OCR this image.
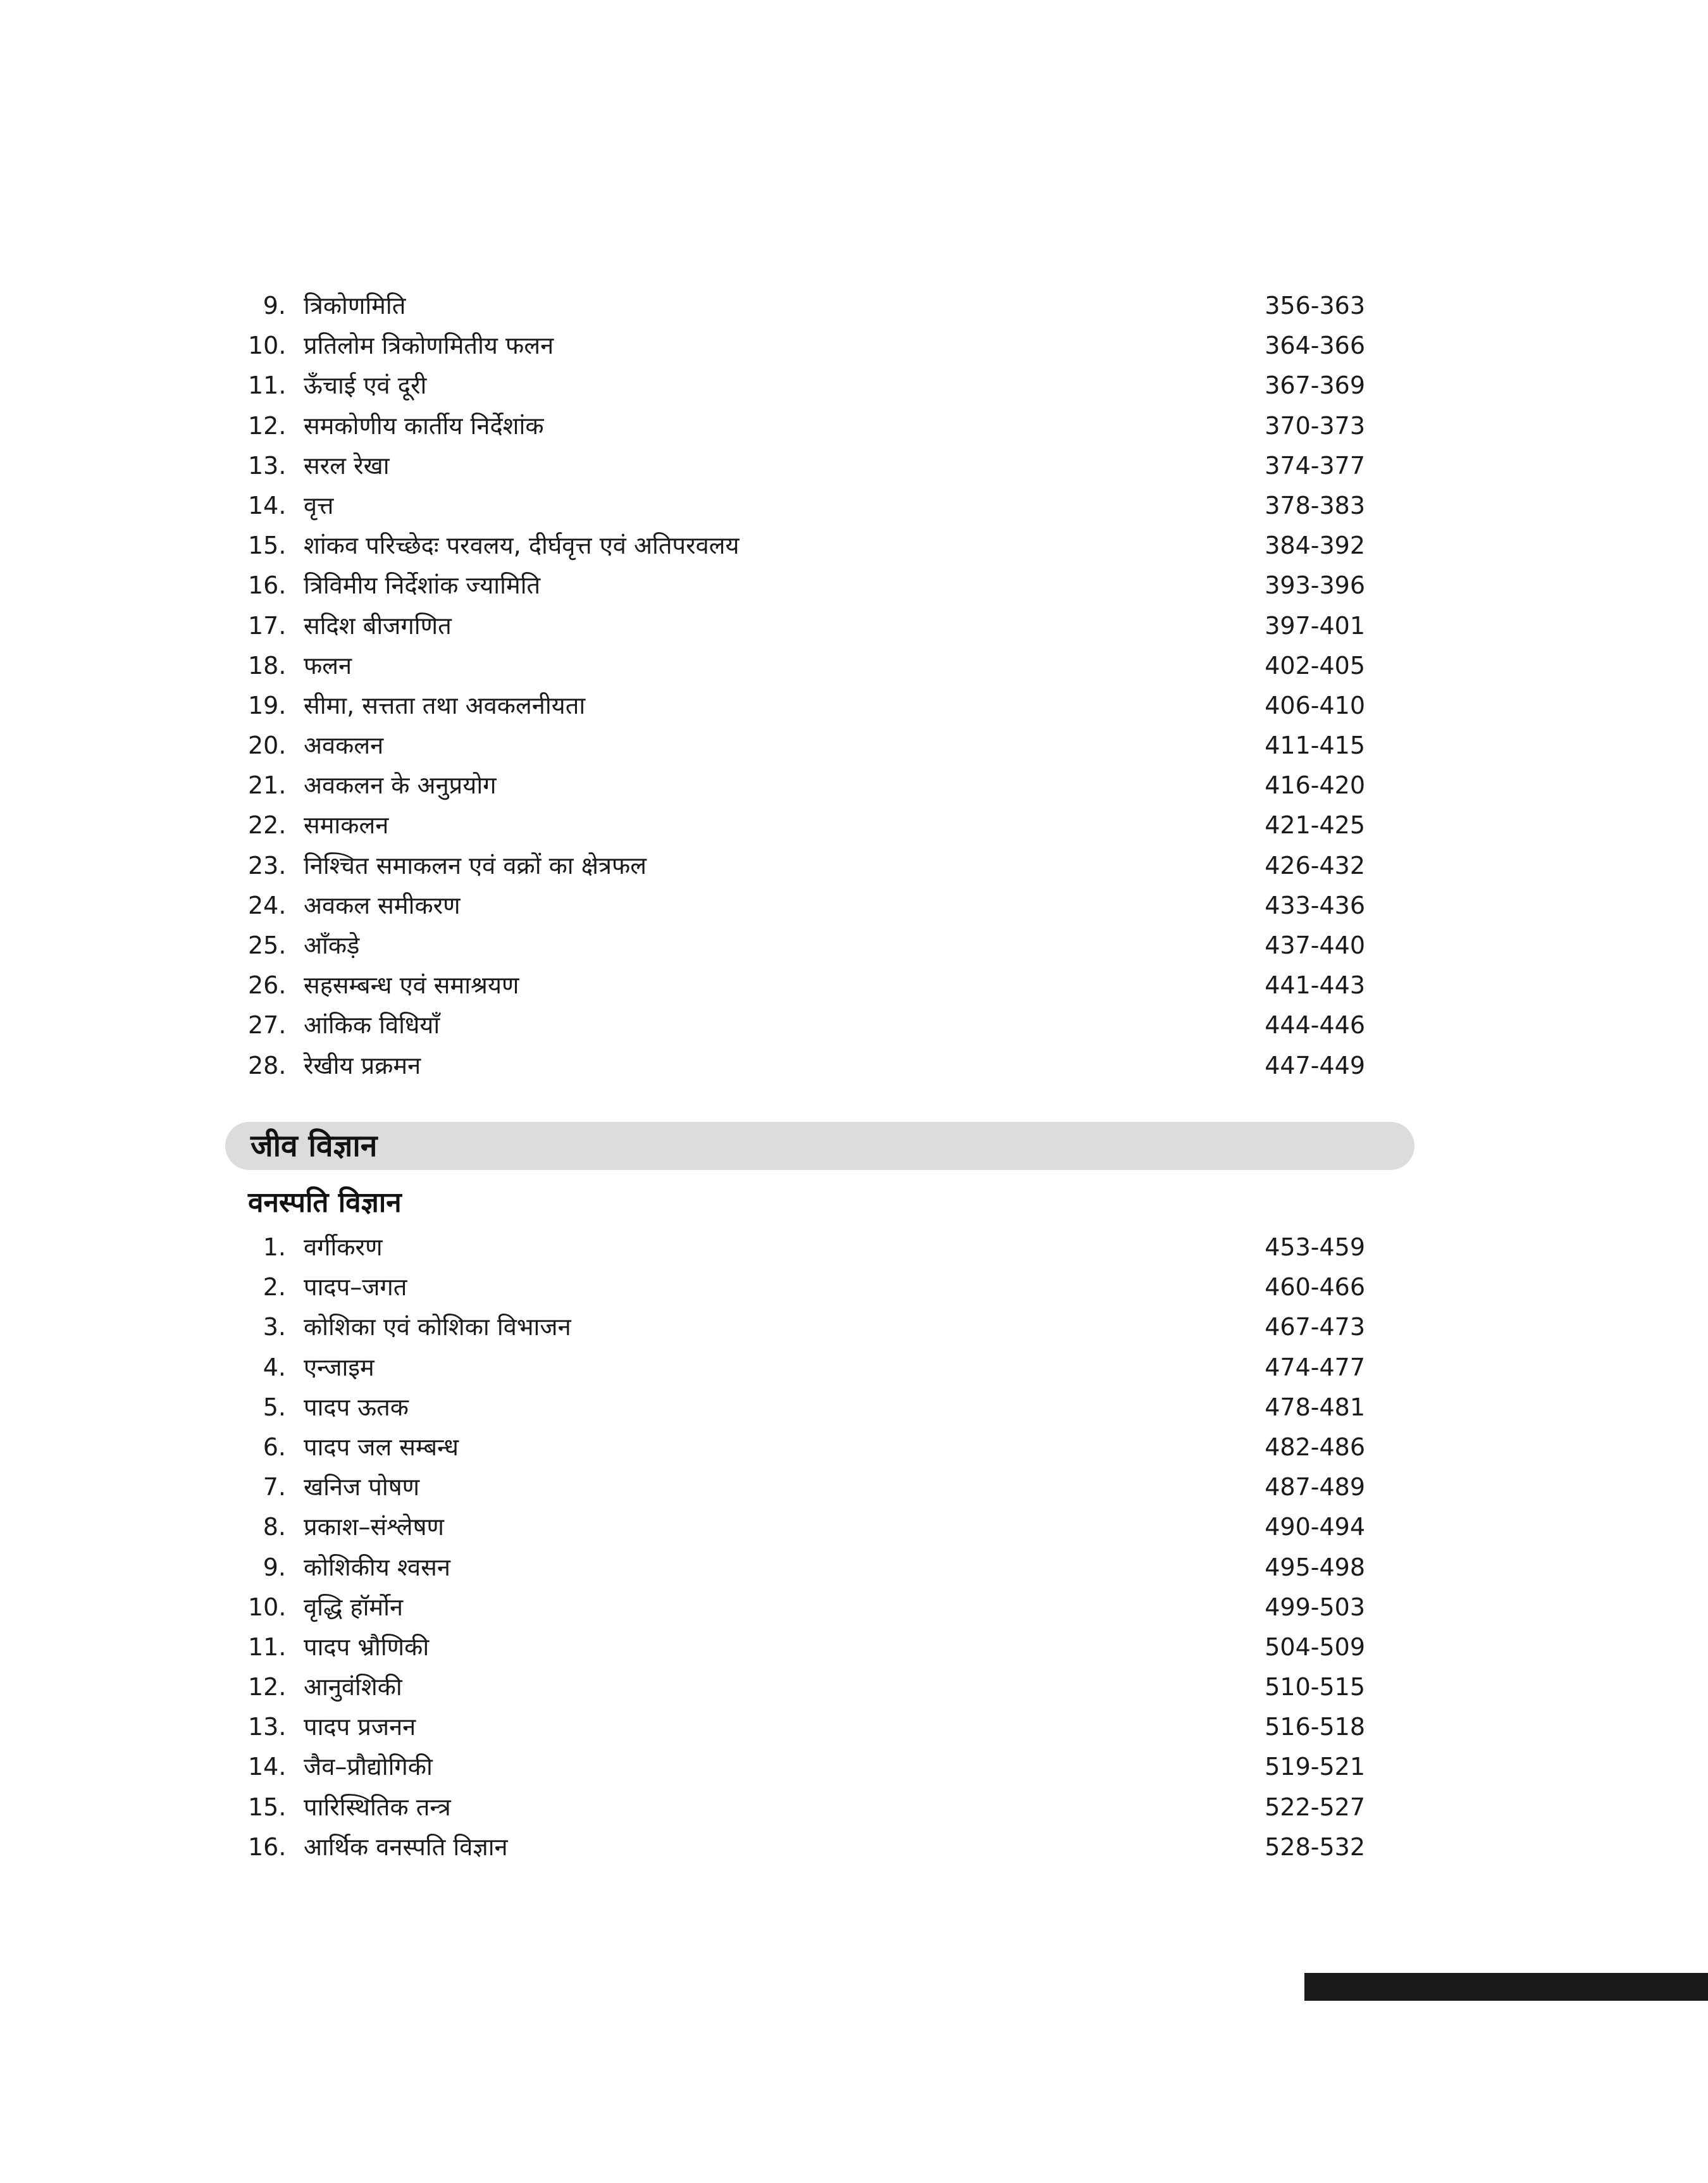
9. त्रिकोणमिति	356-363
10. प्रतिलोम त्रिकोणमितीय फलन	364-366
11. ऊँचाई एवं दूरी	367-369
12. समकोणीय कार्तीय निर्देशांक	370-373
13. सरल रेखा	374-377
14. वृत्त	378-383
15. शांकव परिच्छेदः परवलय, दीर्घवृत्त एवं अतिपरवलय	384-392
16. त्रिविमीय निर्देशांक ज्यामिति	393-396
17. सदिश बीजगणित	397-401
18. फलन	402-405
19. सीमा, सत्तता तथा अवकलनीयता	406-410
20. अवकलन	411-415
21. अवकलन के अनुप्रयोग	416-420
22. समाकलन	421-425
23. निश्चित समाकलन एवं वक्रों का क्षेत्रफल	426-432
24. अवकल समीकरण	433-436
25. आँकड़े	437-440
26. सहसम्बन्ध एवं समाश्रयण	441-443
27. आंकिक विधियाँ	444-446
28. रेखीय प्रक्रमन	447-449
जीव विज्ञान
वनस्पति विज्ञान
1. वर्गीकरण	453-459
2. पादप–जगत	460-466
3. कोशिका एवं कोशिका विभाजन	467-473
4. एन्जाइम	474-477
5. पादप ऊतक	478-481
6. पादप जल सम्बन्ध	482-486
7. खनिज पोषण	487-489
8. प्रकाश–संश्लेषण	490-494
9. कोशिकीय श्वसन	495-498
10. वृद्धि हॉर्मोन	499-503
11. पादप भ्रौणिकी	504-509
12. आनुवंशिकी	510-515
13. पादप प्रजनन	516-518
14. जैव–प्रौद्योगिकी	519-521
15. पारिस्थितिक तन्त्र	522-527
16. आर्थिक वनस्पति विज्ञान	528-532
